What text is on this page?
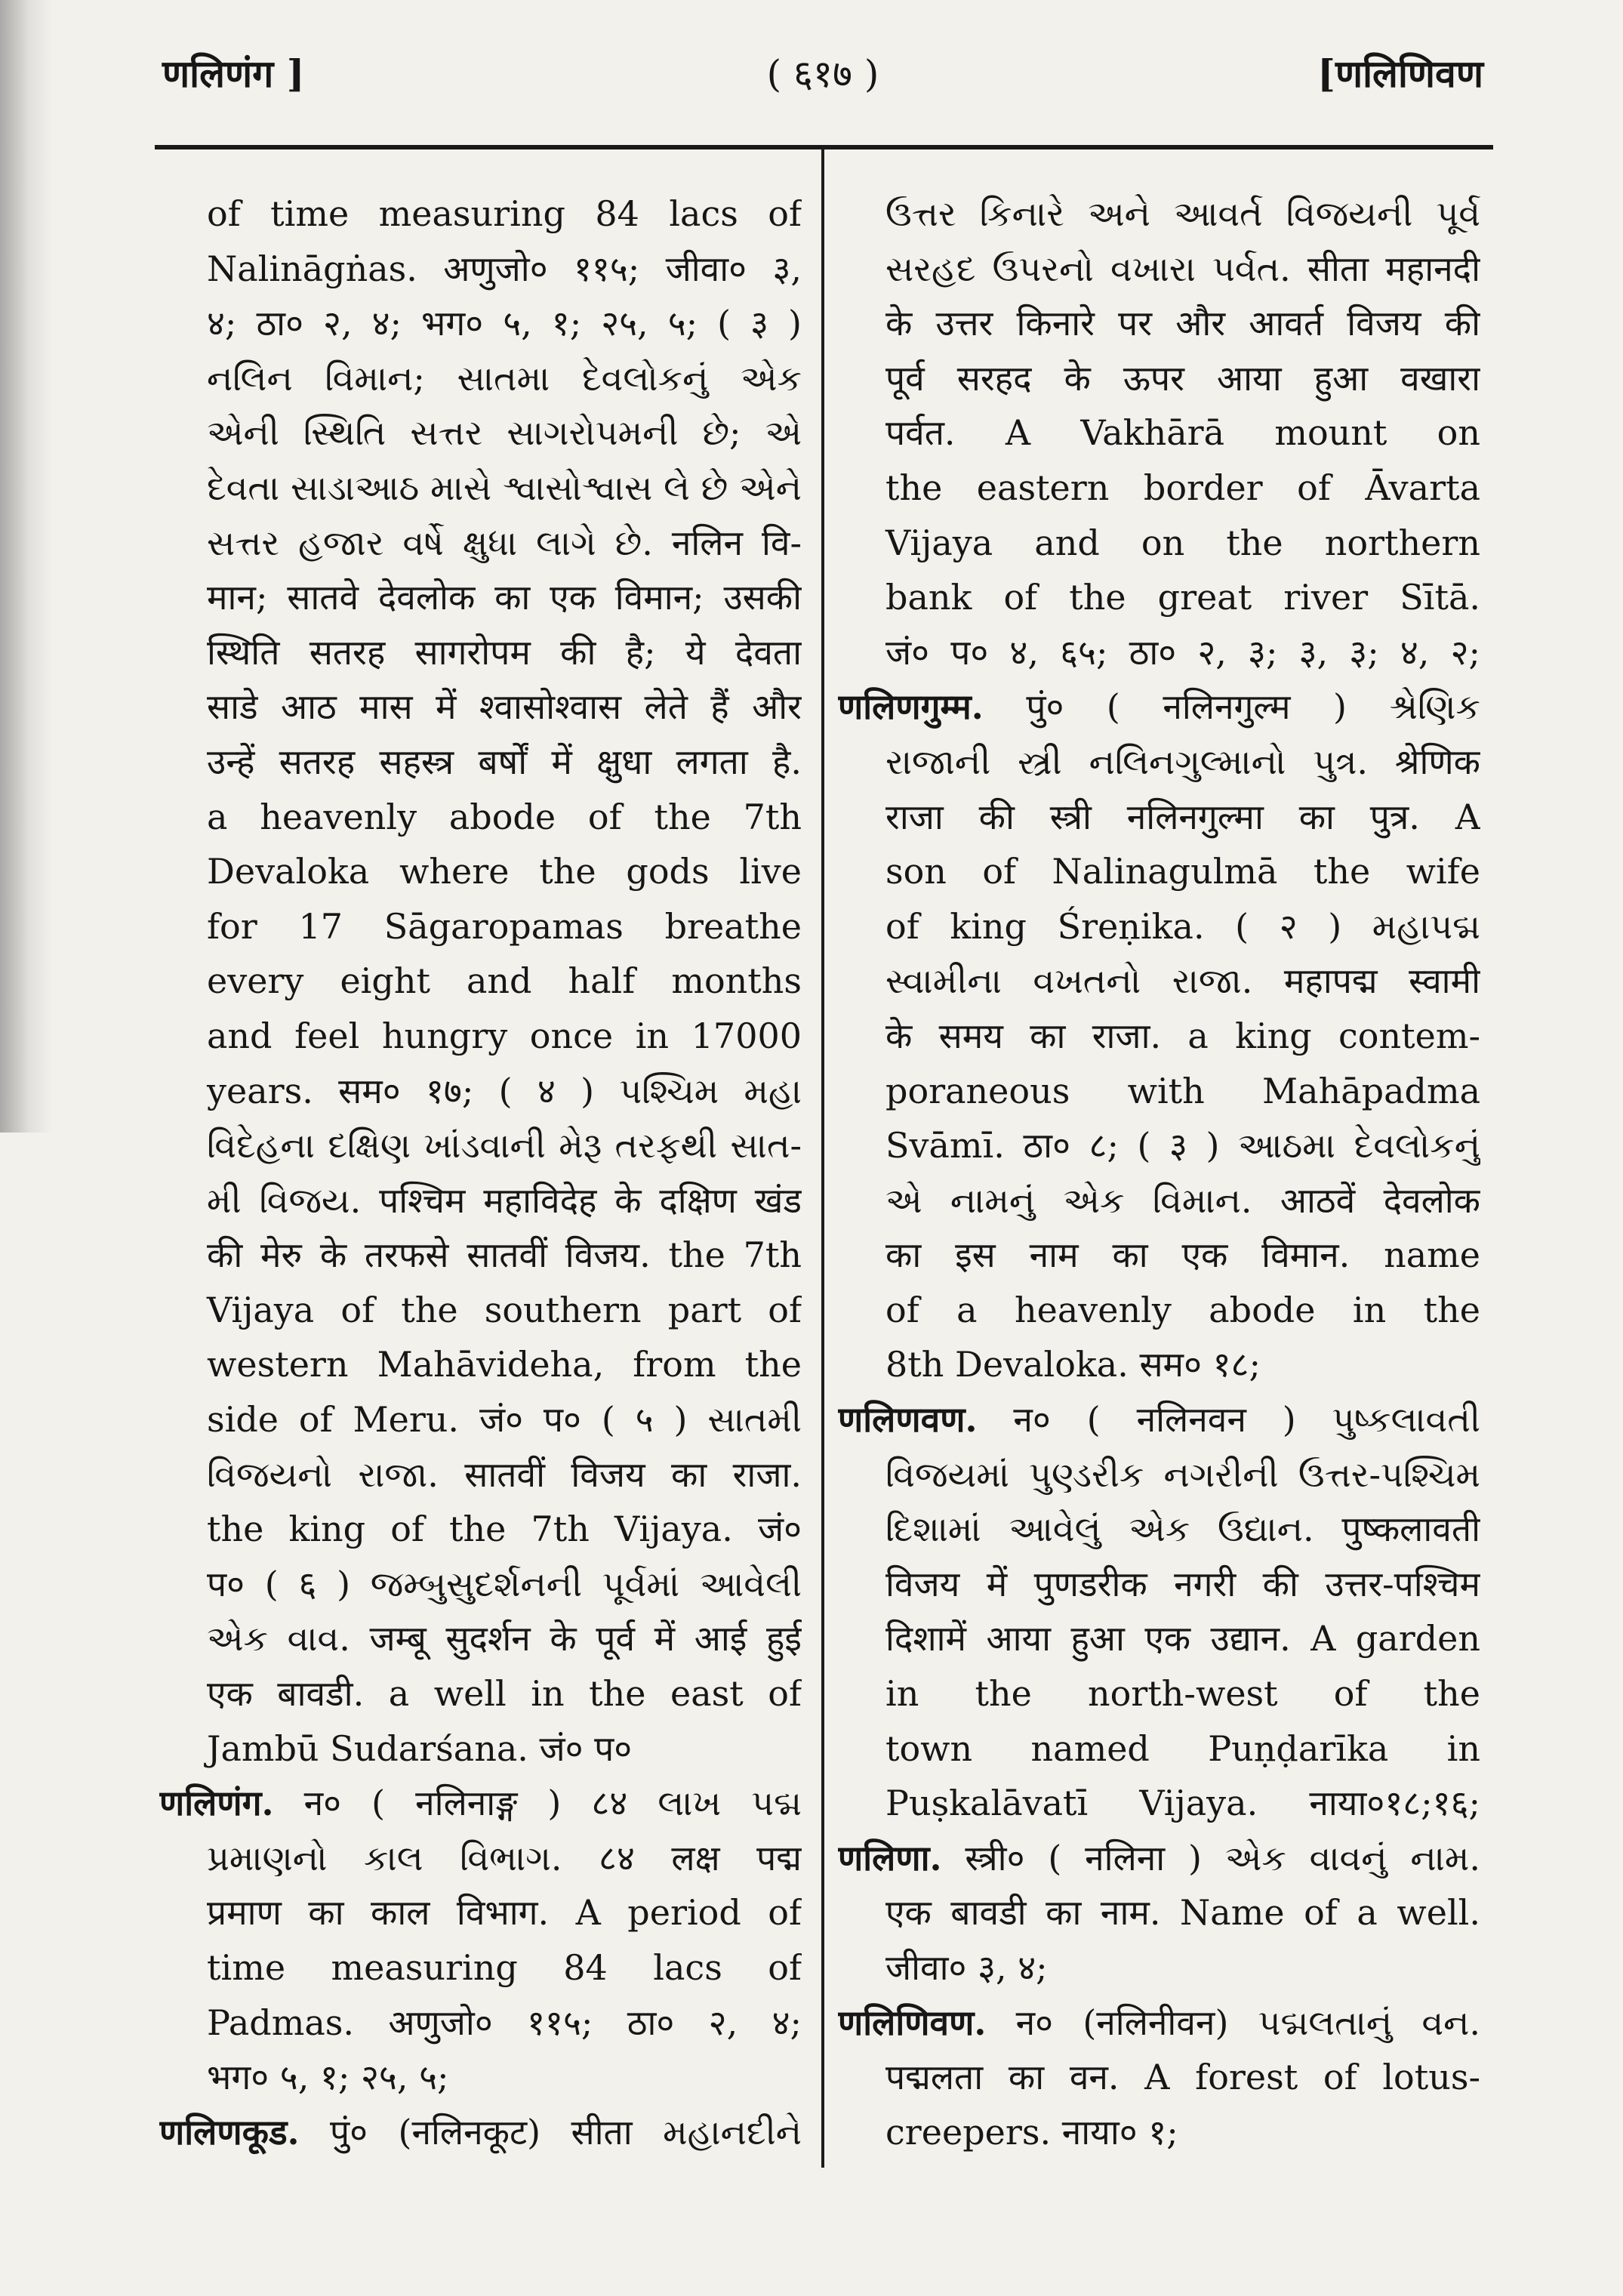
णलिणंग ]	( ६१७ )	[णलिणिवण
of time measuring 84 lacs of
Nalināgṅas. अणुजो० ११५; जीवा० ३,
४; ठा० २, ४; भग० ५, १; २५, ५; ( ३ )
નલિન વિમાન; સાતમા દેવલોકનું એક
એની સ્થિતિ સત્તર સાગરોપમની છે; એ
દેવતા સાડાઆઠ માસે શ્વાસોશ્વાસ લે છે એને
સત્તર હજાર વર્ષે ક્ષુધા લાગે છે. नलिन वि-
मान; सातवे देवलोक का एक विमान; उसकी
स्थिति सतरह सागरोपम की है; ये देवता
साडे आठ मास में श्वासोश्वास लेते हैं और
उन्हें सतरह सहस्त्र बर्षों में क्षुधा लगता है.
a heavenly abode of the 7th
Devaloka where the gods live
for 17 Sāgaropamas breathe
every eight and half months
and feel hungry once in 17000
years. सम० १७; ( ४ ) પશ્ચિમ મહા
વિદેહના દક્ષિણ ખાંડવાની મેરૂ તરફથી સાત-
મી વિજય. पश्चिम महाविदेह के दक्षिण खंड
की मेरु के तरफसे सातवीं विजय. the 7th
Vijaya of the southern part of
western Mahāvideha, from the
side of Meru. जं० प० ( ५ ) સાતમી
વિજયનો રાજા. सातवीं विजय का राजा.
the king of the 7th Vijaya. जं०
प० ( ६ ) જમ્બુસુદર્શનની પૂર્વમાં આવેલી
એક વાવ. जम्बू सुदर्शन के पूर्व में आई हुई
एक बावडी. a well in the east of
Jambū Sudarśana. जं० प०
णलिणंग. न० ( नलिनाङ्ग ) ८४ લાખ પદ્મ
પ્રમાણનો કાલ વિભાગ. ८४ लक्ष पद्म
प्रमाण का काल विभाग. A period of
time measuring 84 lacs of
Padmas. अणुजो० ११५; ठा० २, ४;
भग० ५, १; २५, ५;
णलिणकूड. पुं० (नलिनकूट) सीता મહાનદીને
ઉત્તર કિનારે અને આવર્ત વિજયની પૂર્વ
સરહદ ઉપરનો વખારા પર્વત. सीता महानदी
के उत्तर किनारे पर और आवर्त विजय की
पूर्व सरहद के ऊपर आया हुआ वखारा
पर्वत. A Vakhārā mount on
the eastern border of Āvarta
Vijaya and on the northern
bank of the great river Sītā.
जं० प० ४, ६५; ठा० २, ३; ३, ३; ४, २;
णलिणगुम्म. पुं० ( नलिनगुल्म ) શ્રેણિક
રાજાની સ્ત્રી નલિનગુલ્માનો પુત્ર. श्रेणिक
राजा की स्त्री नलिनगुल्मा का पुत्र. A
son of Nalinagulmā the wife
of king Śreṇika. ( २ ) મહાપદ્મ
સ્વામીના વખતનો રાજા. महापद्म स्वामी
के समय का राजा. a king contem-
poraneous with Mahāpadma
Svāmī. ठा० ८; ( ३ ) આઠમા દેવલોકનું
એ નામનું એક વિમાન. आठवें देवलोक
का इस नाम का एक विमान. name
of a heavenly abode in the
8th Devaloka. सम० १८;
णलिणवण. न० ( नलिनवन ) પુષ્કલાવતી
વિજયમાં પુણ્ડરીક નગરીની ઉત્તર-પશ્ચિમ
દિશામાં આવેલું એક ઉદ્યાન. पुष्कलावती
विजय में पुणडरीक नगरी की उत्तर-पश्चिम
दिशामें आया हुआ एक उद्यान. A garden
in the north-west of the
town named Puṇḍarīka in
Puṣkalāvatī Vijaya. नाया०१८;१६;
णलिणा. स्त्री० ( नलिना ) એક વાવનું નામ.
एक बावडी का नाम. Name of a well.
जीवा० ३, ४;
णलिणिवण. न० (नलिनीवन) પદ્મલતાનું વન.
पद्मलता का वन. A forest of lotus-
creepers. नाया० १;
